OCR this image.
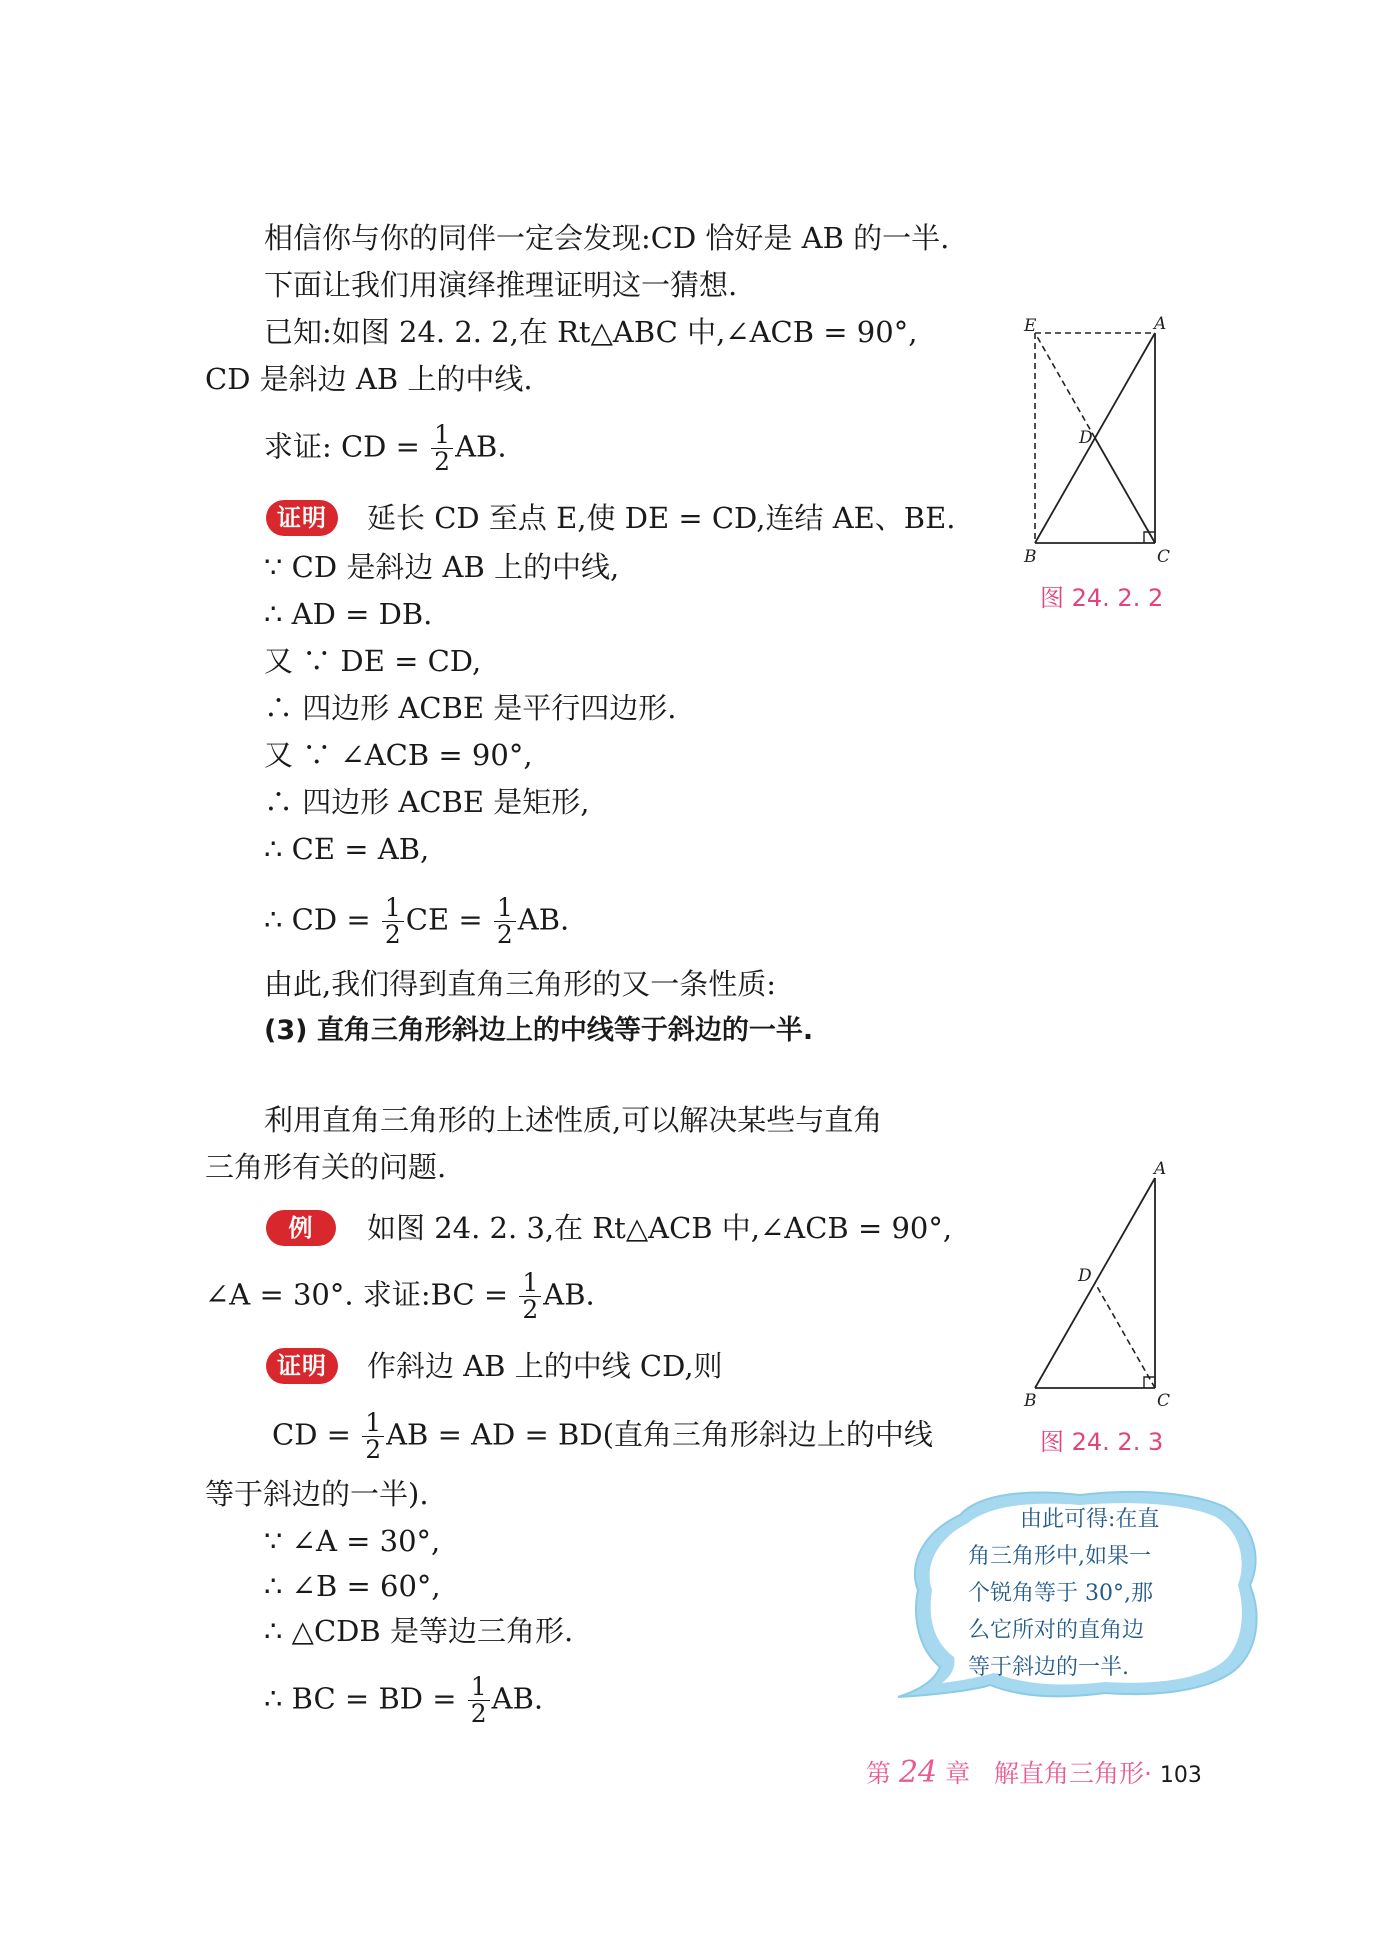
相信你与你的同伴一定会发现:CD 恰好是 AB 的一半.
下面让我们用演绎推理证明这一猜想.
已知:如图 24. 2. 2,在 Rt△ABC 中,∠ACB = 90°,
CD 是斜边 AB 上的中线.
求证: CD = $\frac{1}{2}$ AB.
证明	延长 CD 至点 E,使 DE = CD,连结 AE、BE.
∵ CD 是斜边 AB 上的中线,
∴ AD = DB.
又 ∵ DE = CD,
∴ 四边形 ACBE 是平行四边形.
又 ∵ ∠ACB = 90°,
∴ 四边形 ACBE 是矩形,
∴ CE = AB,
∴ CD = $\frac{1}{2}$ CE = $\frac{1}{2}$ AB.
由此,我们得到直角三角形的又一条性质:
(3) 直角三角形斜边上的中线等于斜边的一半.
利用直角三角形的上述性质,可以解决某些与直角
三角形有关的问题.
例	如图 24. 2. 3,在 Rt△ACB 中,∠ACB = 90°,
∠A = 30°. 求证:BC = $\frac{1}{2}$ AB.
证明	作斜边 AB 上的中线 CD,则
CD = $\frac{1}{2}$ AB = AD = BD(直角三角形斜边上的中线
等于斜边的一半).
∵ ∠A = 30°,
∴ ∠B = 60°,
∴ △CDB 是等边三角形.
∴ BC = BD = $\frac{1}{2}$ AB.
E	A
D
B	C
图 24. 2. 2
A
D
B	C
图 24. 2. 3
由此可得:在直
角三角形中,如果一
个锐角等于 30°,那
么它所对的直角边
等于斜边的一半.
第 24 章 解直角三角形· 103
